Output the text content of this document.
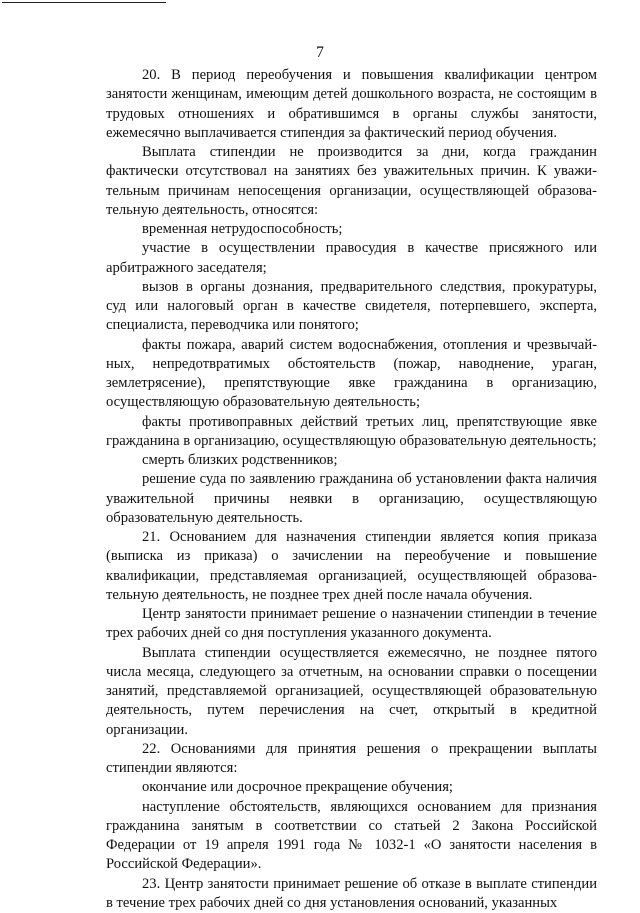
7

20. В период переобучения и повышения квалификации центром занятости женщинам, имеющим детей дошкольного возраста, не состоящим в трудовых отношениях и обратившимся в органы службы занятости, ежемесячно выплачивается стипендия за фактический период обучения.

Выплата стипендии не производится за дни, когда гражданин фактически отсутствовал на занятиях без уважительных причин. К уважительным причинам непосещения организации, осуществляющей образовательную деятельность, относятся:

временная нетрудоспособность;

участие в осуществлении правосудия в качестве присяжного или арбитражного заседателя;

вызов в органы дознания, предварительного следствия, прокуратуры, суд или налоговый орган в качестве свидетеля, потерпевшего, эксперта, специалиста, переводчика или понятого;

факты пожара, аварий систем водоснабжения, отопления и чрезвычайных, непредотвратимых обстоятельств (пожар, наводнение, ураган, землетрясение), препятствующие явке гражданина в организацию, осуществляющую образовательную деятельность;

факты противоправных действий третьих лиц, препятствующие явке гражданина в организацию, осуществляющую образовательную деятельность;

смерть близких родственников;

решение суда по заявлению гражданина об установлении факта наличия уважительной причины неявки в организацию, осуществляющую образовательную деятельность.

21. Основанием для назначения стипендии является копия приказа (выписка из приказа) о зачислении на переобучение и повышение квалификации, представляемая организацией, осуществляющей образовательную деятельность, не позднее трех дней после начала обучения.

Центр занятости принимает решение о назначении стипендии в течение трех рабочих дней со дня поступления указанного документа.

Выплата стипендии осуществляется ежемесячно, не позднее пятого числа месяца, следующего за отчетным, на основании справки о посещении занятий, представляемой организацией, осуществляющей образовательную деятельность, путем перечисления на счет, открытый в кредитной организации.

22. Основаниями для принятия решения о прекращении выплаты стипендии являются:

окончание или досрочное прекращение обучения;

наступление обстоятельств, являющихся основанием для признания гражданина занятым в соответствии со статьей 2 Закона Российской Федерации от 19 апреля 1991 года № 1032-1 «О занятости населения в Российской Федерации».

23. Центр занятости принимает решение об отказе в выплате стипендии в течение трех рабочих дней со дня установления оснований, указанных
